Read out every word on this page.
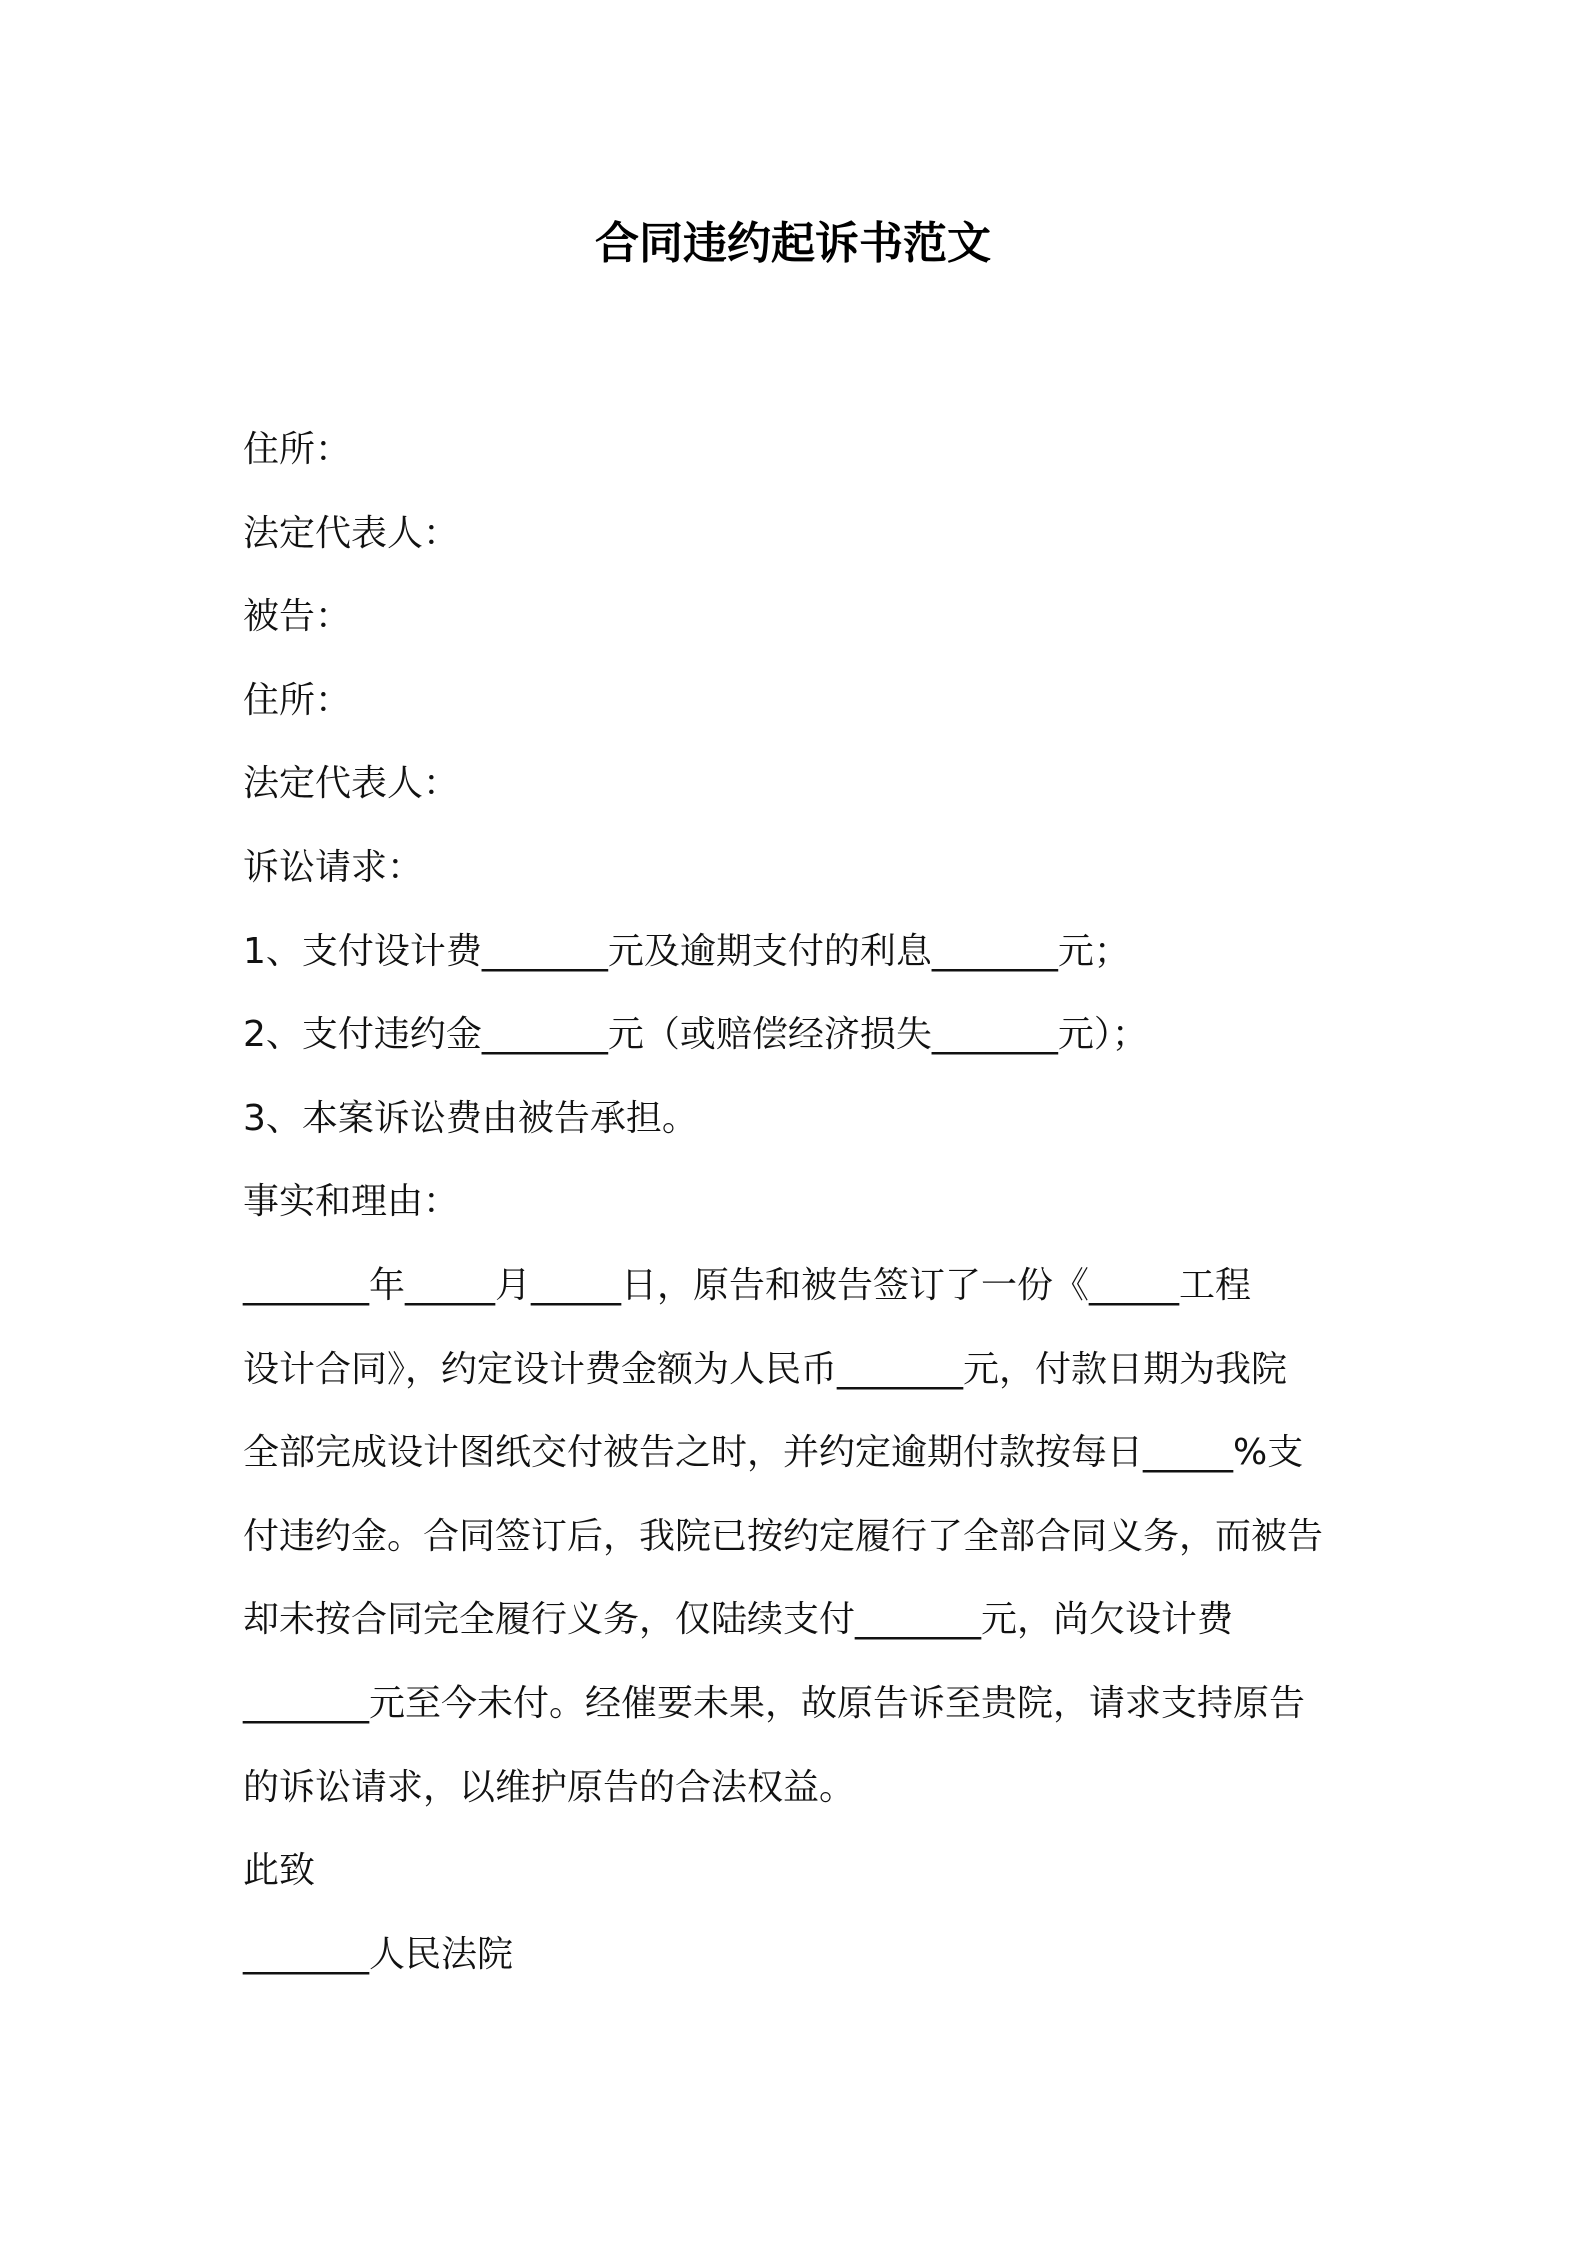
合同违约起诉书范文
住所：
法定代表人：
被告：
住所：
法定代表人：
诉讼请求：
1、支付设计费_______元及逾期支付的利息_______元；
2、支付违约金_______元（或赔偿经济损失_______元）；
3、本案诉讼费由被告承担。
事实和理由：
_______年_____月_____日，原告和被告签订了一份《_____工程
设计合同》，约定设计费金额为人民币_______元，付款日期为我院
全部完成设计图纸交付被告之时，并约定逾期付款按每日_____%支
付违约金。合同签订后，我院已按约定履行了全部合同义务，而被告
却未按合同完全履行义务，仅陆续支付_______元，尚欠设计费
_______元至今未付。经催要未果，故原告诉至贵院，请求支持原告
的诉讼请求，以维护原告的合法权益。
此致
_______人民法院
